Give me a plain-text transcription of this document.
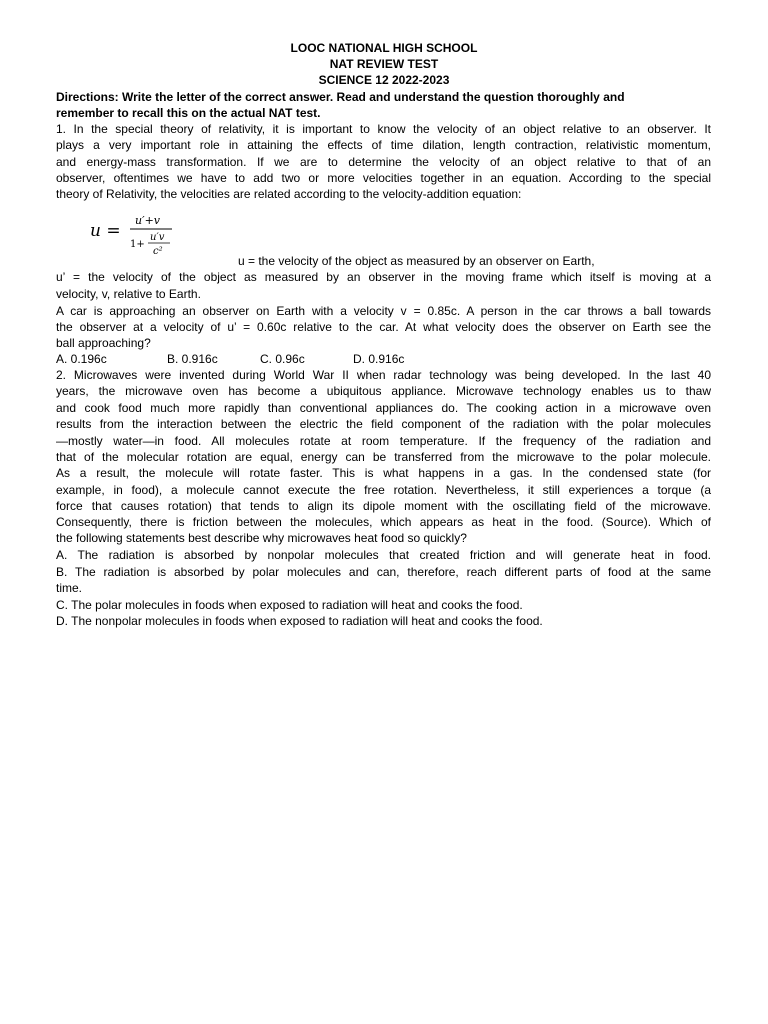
LOOC NATIONAL HIGH SCHOOL
NAT REVIEW TEST
SCIENCE 12 2022-2023
Directions: Write the letter of the correct answer. Read and understand the question thoroughly and
remember to recall this on the actual NAT test.
1. In the special theory of relativity, it is important to know the velocity of an object relative to an observer. It
plays a very important role in attaining the effects of time dilation, length contraction, relativistic momentum,
and energy-mass transformation. If we are to determine the velocity of an object relative to that of an
observer, oftentimes we have to add two or more velocities together in an equation. According to the special
theory of Relativity, the velocities are related according to the velocity-addition equation:
u =
u′+v
1+
u′v
c²
u = the velocity of the object as measured by an observer on Earth,
u’ = the velocity of the object as measured by an observer in the moving frame which itself is moving at a
velocity, v, relative to Earth.
A car is approaching an observer on Earth with a velocity v = 0.85c. A person in the car throws a ball towards
the observer at a velocity of u’ = 0.60c relative to the car. At what velocity does the observer on Earth see the
ball approaching?
A. 0.196c	B. 0.916c	C. 0.96c	D. 0.916c
2. Microwaves were invented during World War II when radar technology was being developed. In the last 40
years, the microwave oven has become a ubiquitous appliance. Microwave technology enables us to thaw
and cook food much more rapidly than conventional appliances do. The cooking action in a microwave oven
results from the interaction between the electric the field component of the radiation with the polar molecules
—mostly water—in food. All molecules rotate at room temperature. If the frequency of the radiation and
that of the molecular rotation are equal, energy can be transferred from the microwave to the polar molecule.
As a result, the molecule will rotate faster. This is what happens in a gas. In the condensed state (for
example, in food), a molecule cannot execute the free rotation. Nevertheless, it still experiences a torque (a
force that causes rotation) that tends to align its dipole moment with the oscillating field of the microwave.
Consequently, there is friction between the molecules, which appears as heat in the food. (Source). Which of
the following statements best describe why microwaves heat food so quickly?
A. The radiation is absorbed by nonpolar molecules that created friction and will generate heat in food.
B. The radiation is absorbed by polar molecules and can, therefore, reach different parts of food at the same
time.
C. The polar molecules in foods when exposed to radiation will heat and cooks the food.
D. The nonpolar molecules in foods when exposed to radiation will heat and cooks the food.
